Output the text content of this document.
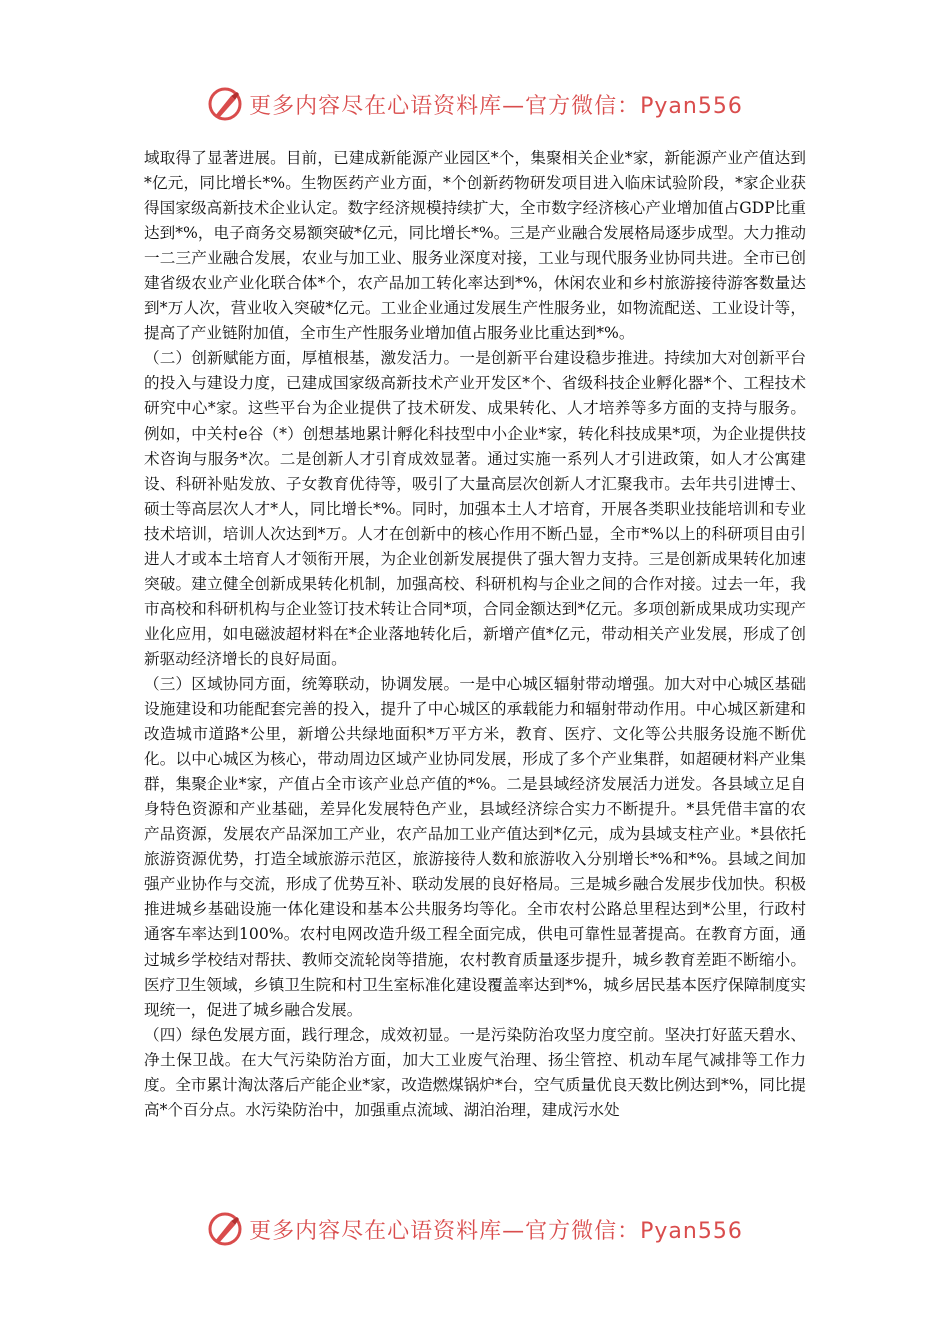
更多内容尽在心语资料库—官方微信：Pyan556

域取得了显著进展。目前，已建成新能源产业园区*个，集聚相关企业*家，新能源产业产值达到*亿元，同比增长*%。生物医药产业方面，*个创新药物研发项目进入临床试验阶段，*家企业获得国家级高新技术企业认定。数字经济规模持续扩大，全市数字经济核心产业增加值占GDP比重达到*%，电子商务交易额突破*亿元，同比增长*%。三是产业融合发展格局逐步成型。大力推动一二三产业融合发展，农业与加工业、服务业深度对接，工业与现代服务业协同共进。全市已创建省级农业产业化联合体*个，农产品加工转化率达到*%，休闲农业和乡村旅游接待游客数量达到*万人次，营业收入突破*亿元。工业企业通过发展生产性服务业，如物流配送、工业设计等，提高了产业链附加值，全市生产性服务业增加值占服务业比重达到*%。

（二）创新赋能方面，厚植根基，激发活力。一是创新平台建设稳步推进。持续加大对创新平台的投入与建设力度，已建成国家级高新技术产业开发区*个、省级科技企业孵化器*个、工程技术研究中心*家。这些平台为企业提供了技术研发、成果转化、人才培养等多方面的支持与服务。例如，中关村e谷（*）创想基地累计孵化科技型中小企业*家，转化科技成果*项，为企业提供技术咨询与服务*次。二是创新人才引育成效显著。通过实施一系列人才引进政策，如人才公寓建设、科研补贴发放、子女教育优待等，吸引了大量高层次创新人才汇聚我市。去年共引进博士、硕士等高层次人才*人，同比增长*%。同时，加强本土人才培育，开展各类职业技能培训和专业技术培训，培训人次达到*万。人才在创新中的核心作用不断凸显，全市*%以上的科研项目由引进人才或本土培育人才领衔开展，为企业创新发展提供了强大智力支持。三是创新成果转化加速突破。建立健全创新成果转化机制，加强高校、科研机构与企业之间的合作对接。过去一年，我市高校和科研机构与企业签订技术转让合同*项，合同金额达到*亿元。多项创新成果成功实现产业化应用，如电磁波超材料在*企业落地转化后，新增产值*亿元，带动相关产业发展，形成了创新驱动经济增长的良好局面。

（三）区域协同方面，统筹联动，协调发展。一是中心城区辐射带动增强。加大对中心城区基础设施建设和功能配套完善的投入，提升了中心城区的承载能力和辐射带动作用。中心城区新建和改造城市道路*公里，新增公共绿地面积*万平方米，教育、医疗、文化等公共服务设施不断优化。以中心城区为核心，带动周边区域产业协同发展，形成了多个产业集群，如超硬材料产业集群，集聚企业*家，产值占全市该产业总产值的*%。二是县域经济发展活力迸发。各县域立足自身特色资源和产业基础，差异化发展特色产业，县域经济综合实力不断提升。*县凭借丰富的农产品资源，发展农产品深加工产业，农产品加工业产值达到*亿元，成为县域支柱产业。*县依托旅游资源优势，打造全域旅游示范区，旅游接待人数和旅游收入分别增长*%和*%。县域之间加强产业协作与交流，形成了优势互补、联动发展的良好格局。三是城乡融合发展步伐加快。积极推进城乡基础设施一体化建设和基本公共服务均等化。全市农村公路总里程达到*公里，行政村通客车率达到100%。农村电网改造升级工程全面完成，供电可靠性显著提高。在教育方面，通过城乡学校结对帮扶、教师交流轮岗等措施，农村教育质量逐步提升，城乡教育差距不断缩小。医疗卫生领域，乡镇卫生院和村卫生室标准化建设覆盖率达到*%，城乡居民基本医疗保障制度实现统一，促进了城乡融合发展。

（四）绿色发展方面，践行理念，成效初显。一是污染防治攻坚力度空前。坚决打好蓝天碧水、净土保卫战。在大气污染防治方面，加大工业废气治理、扬尘管控、机动车尾气减排等工作力度。全市累计淘汰落后产能企业*家，改造燃煤锅炉*台，空气质量优良天数比例达到*%，同比提高*个百分点。水污染防治中，加强重点流域、湖泊治理，建成污水处

更多内容尽在心语资料库—官方微信：Pyan556
